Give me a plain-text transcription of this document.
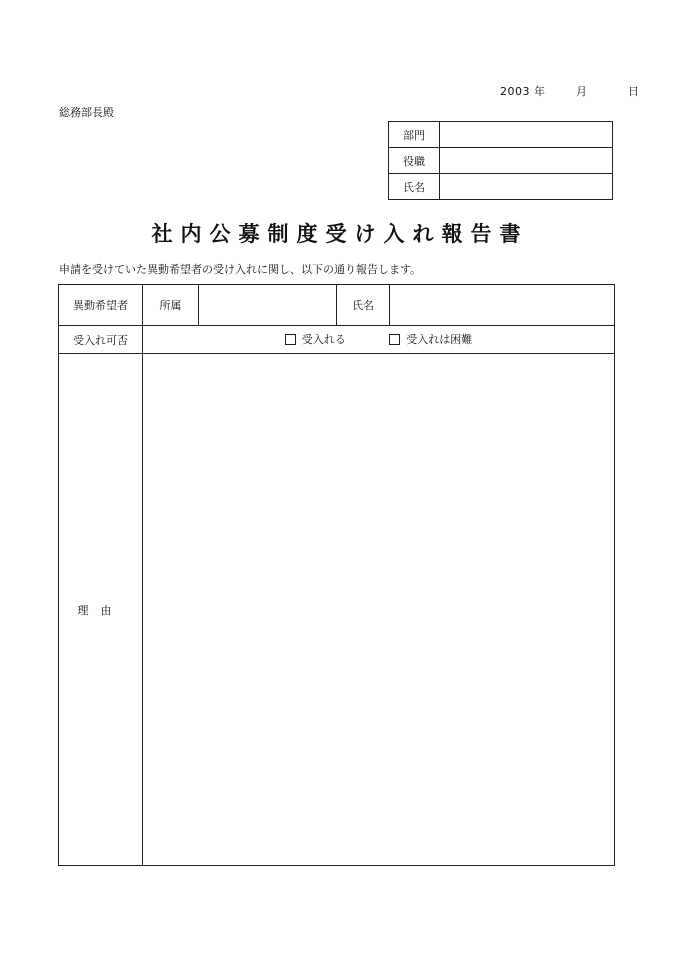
2003 年	月	日
総務部長殿
部門	
役職	
氏名	
社内公募制度受け入れ報告書
申請を受けていた異動希望者の受け入れに関し、以下の通り報告します。
異動希望者	所属		氏名	
受入れ可否	受入れる
受入れは困難			

理由				
